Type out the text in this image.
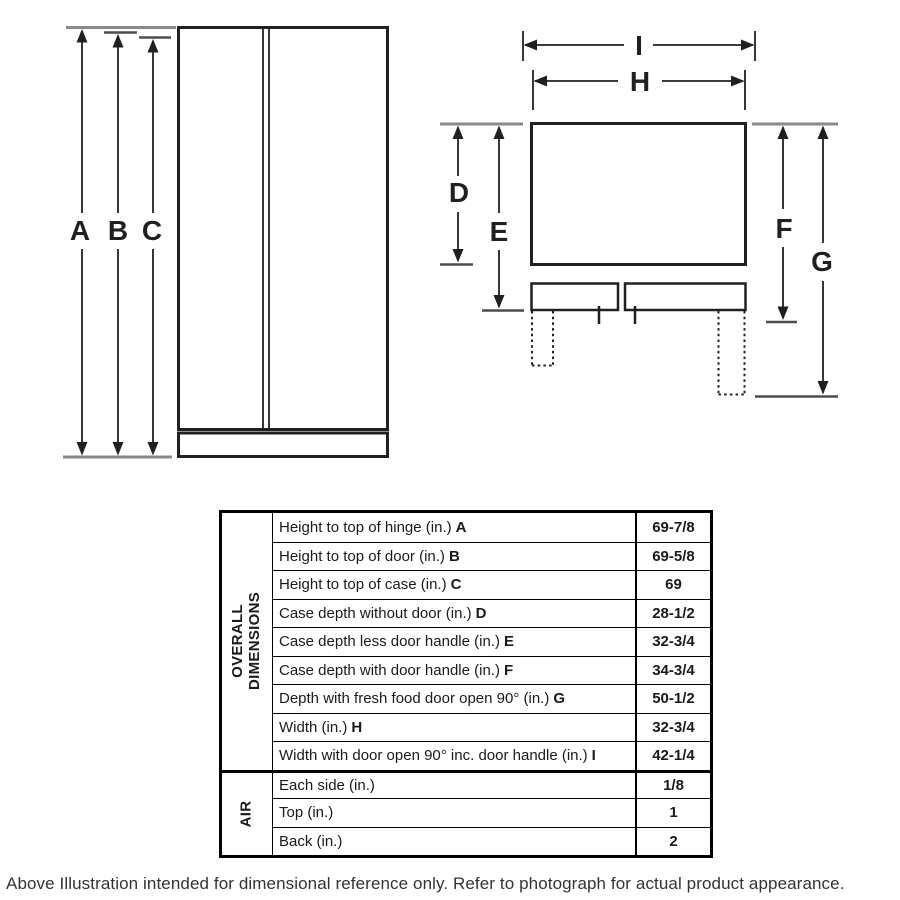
A B C
I
H
D
E	F
G
OVERALL DIMENSIONS
Height to top of hinge (in.) A	69-7/8
Height to top of door (in.) B	69-5/8
Height to top of case (in.) C	69
Case depth without door (in.) D	28-1/2
Case depth less door handle (in.) E	32-3/4
Case depth with door handle (in.) F	34-3/4
Depth with fresh food door open 90° (in.) G	50-1/2
Width (in.) H	32-3/4
Width with door open 90° inc. door handle (in.) I	42-1/4
AIR
Each side (in.)	1/8
Top (in.)	1
Back (in.)	2
Above Illustration intended for dimensional reference only. Refer to photograph for actual product appearance.
